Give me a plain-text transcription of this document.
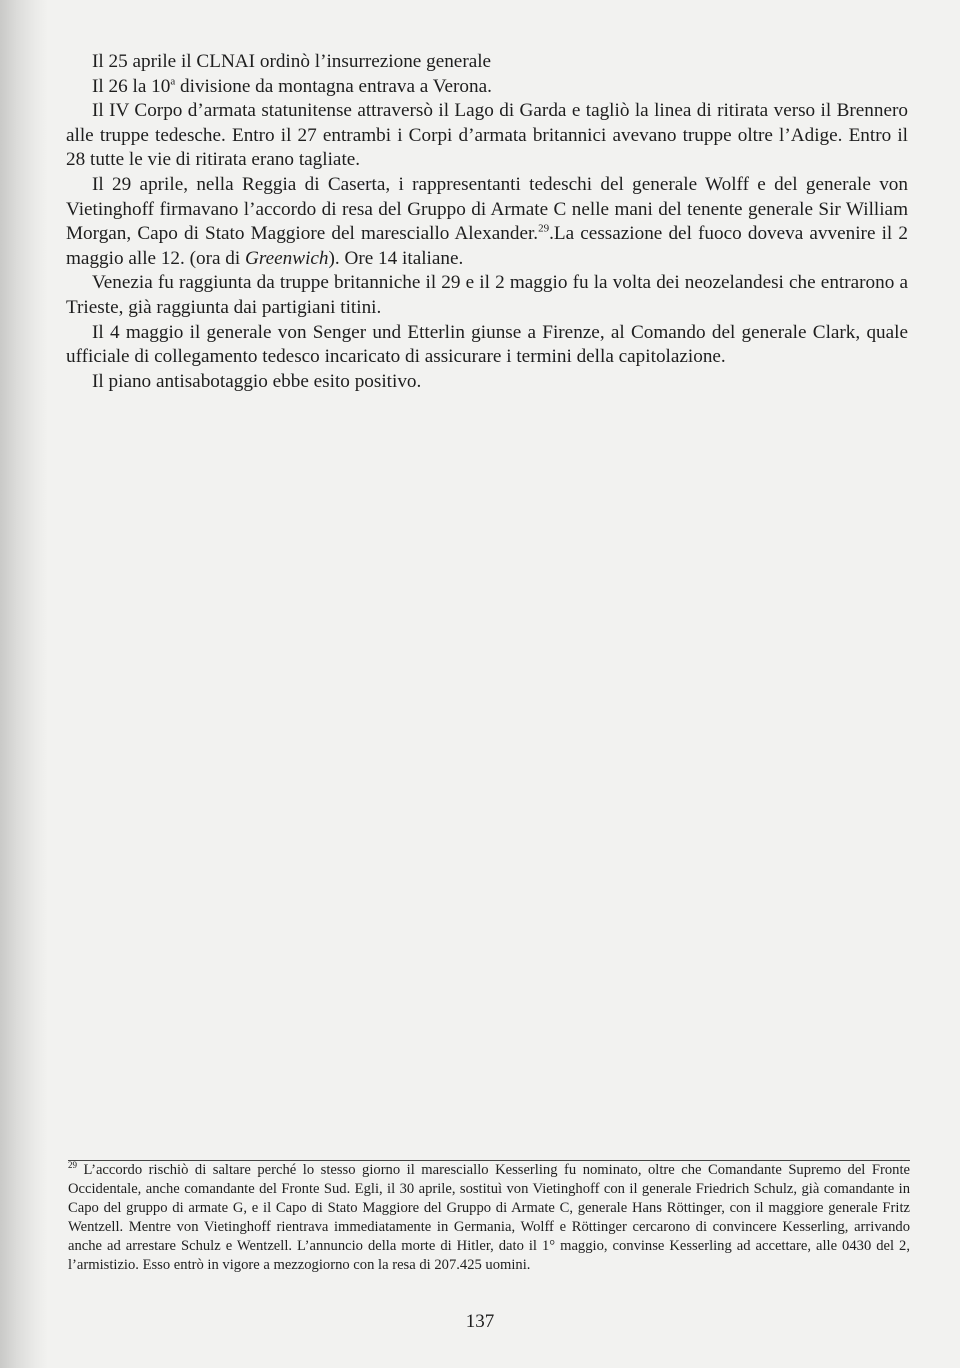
Il 25 aprile il CLNAI ordinò l’insurrezione generale

Il 26 la 10$^a$ divisione da montagna entrava a Verona.

Il IV Corpo d’armata statunitense attraversò il Lago di Garda e tagliò la linea di ritirata verso il Brennero alle truppe tedesche. Entro il 27 entrambi i Corpi d’armata britannici avevano truppe oltre l’Adige. Entro il 28 tutte le vie di ritirata erano tagliate.

Il 29 aprile, nella Reggia di Caserta, i rappresentanti tedeschi del generale Wolff e del generale von Vietinghoff firmavano l’accordo di resa del Gruppo di Armate C nelle mani del tenente generale Sir William Morgan, Capo di Stato Maggiore del maresciallo Alexander.$^{29}$.La cessazione del fuoco doveva avvenire il 2 maggio alle 12. (ora di Greenwich). Ore 14 italiane.

Venezia fu raggiunta da truppe britanniche il 29 e il 2 maggio fu la volta dei neozelandesi che entrarono a Trieste, già raggiunta dai partigiani titini.

Il 4 maggio il generale von Senger und Etterlin giunse a Firenze, al Comando del generale Clark, quale ufficiale di collegamento tedesco incaricato di assicurare i termini della capitolazione.

Il piano antisabotaggio ebbe esito positivo.

$^{29}$ L’accordo rischiò di saltare perché lo stesso giorno il maresciallo Kesserling fu nominato, oltre che Comandante Supremo del Fronte Occidentale, anche comandante del Fronte Sud. Egli, il 30 aprile, sostituì von Vietinghoff con il generale Friedrich Schulz, già comandante in Capo del gruppo di armate G, e il Capo di Stato Maggiore del Gruppo di Armate C, generale Hans Röttinger, con il maggiore generale Fritz Wentzell. Mentre von Vietinghoff rientrava immediatamente in Germania, Wolff e Röttinger cercarono di convincere Kesserling, arrivando anche ad arrestare Schulz e Wentzell. L’annuncio della morte di Hitler, dato il 1° maggio, convinse Kesserling ad accettare, alle 0430 del 2, l’armistizio. Esso entrò in vigore a mezzogiorno con la resa di 207.425 uomini.

137
